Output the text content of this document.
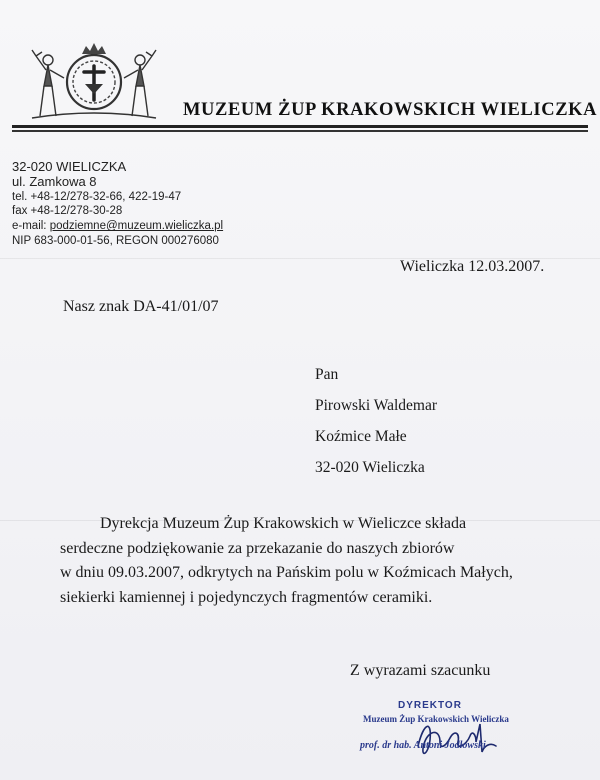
MUZEUM ŻUP KRAKOWSKICH WIELICZKA
32-020 WIELICZKA
ul. Zamkowa 8
tel. +48-12/278-32-66, 422-19-47
fax +48-12/278-30-28
e-mail: podziemne@muzeum.wieliczka.pl
NIP 683-000-01-56, REGON 000276080
Wieliczka 12.03.2007.
Nasz znak DA-41/01/07
Pan
Pirowski Waldemar
Koźmice Małe
32-020 Wieliczka
Dyrekcja Muzeum Żup Krakowskich w Wieliczce składa
serdeczne podziękowanie za przekazanie do naszych zbiorów
w dniu 09.03.2007, odkrytych na Pańskim polu w Koźmicach Małych,
siekierki kamiennej i pojedynczych fragmentów ceramiki.
Z wyrazami szacunku
DYREKTOR
Muzeum Żup Krakowskich Wieliczka
prof. dr hab. Antoni Jodłowski
